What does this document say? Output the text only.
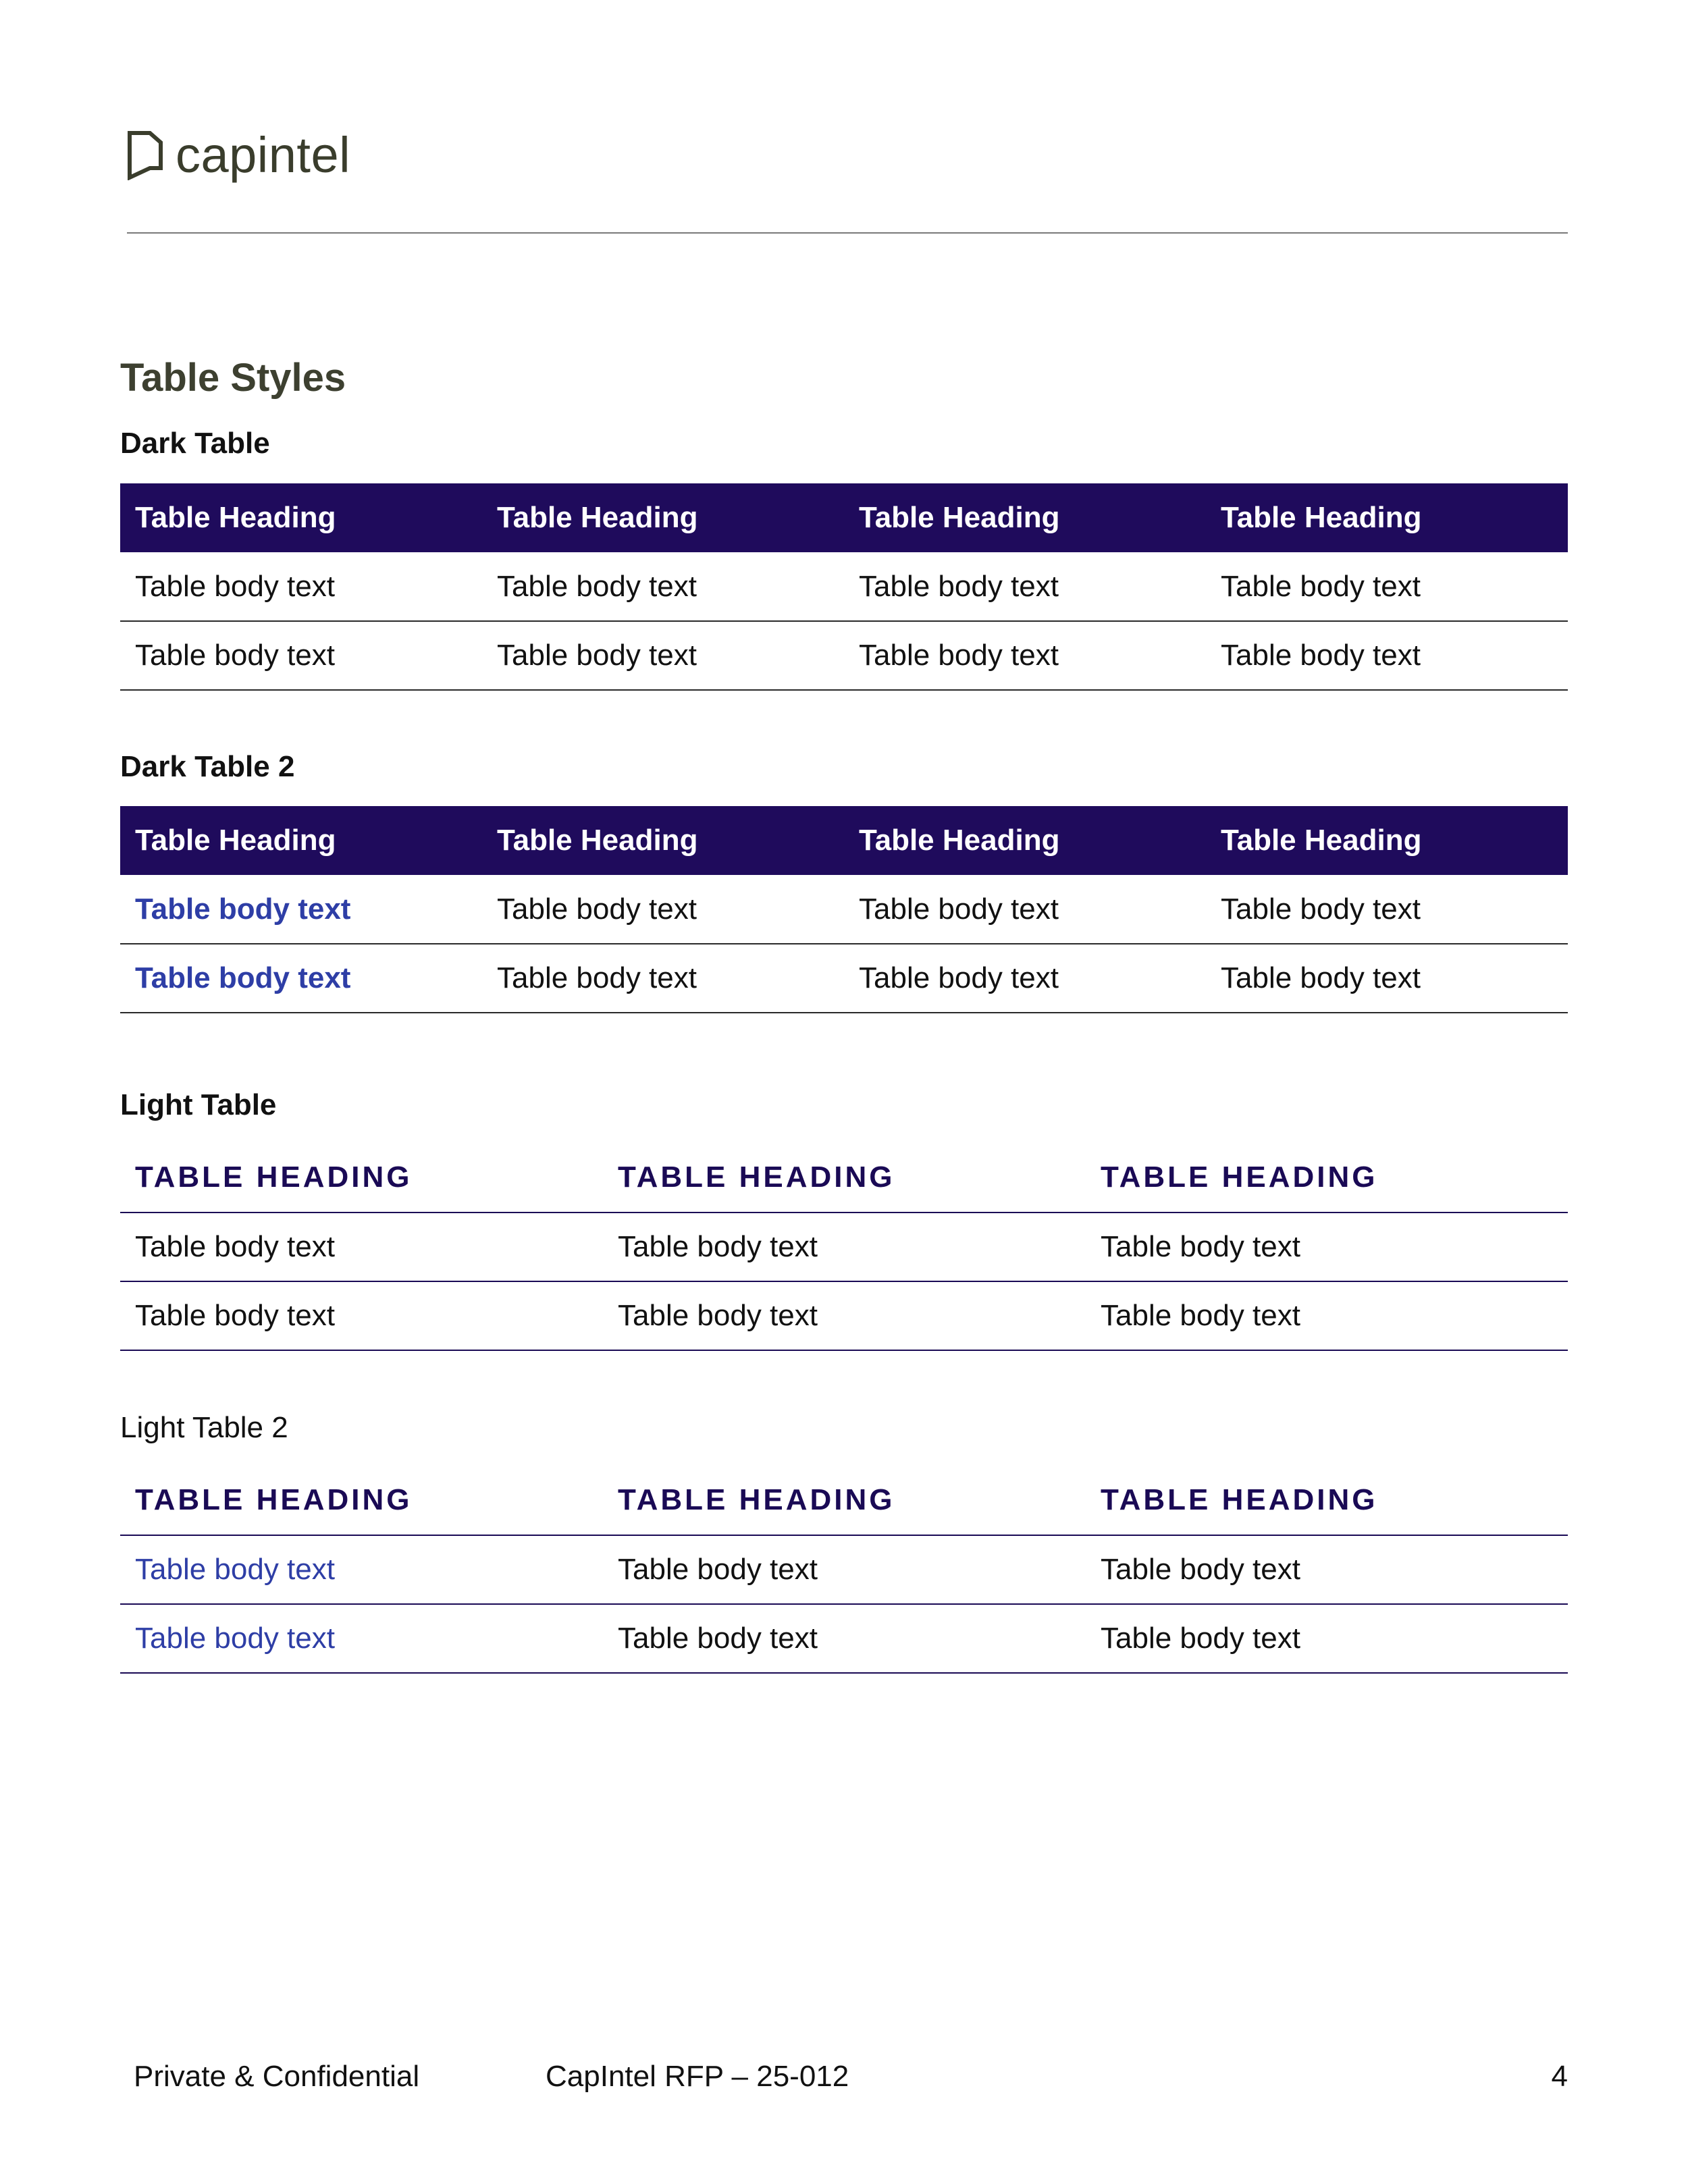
capintel
Table Styles
Dark Table
Table Heading	Table Heading	Table Heading	Table Heading
Table body text	Table body text	Table body text	Table body text
Table body text	Table body text	Table body text	Table body text
Dark Table 2
Table Heading	Table Heading	Table Heading	Table Heading
Table body text	Table body text	Table body text	Table body text
Table body text	Table body text	Table body text	Table body text
Light Table
TABLE HEADING	TABLE HEADING	TABLE HEADING
Table body text	Table body text	Table body text
Table body text	Table body text	Table body text
Light Table 2
TABLE HEADING	TABLE HEADING	TABLE HEADING
Table body text	Table body text	Table body text
Table body text	Table body text	Table body text
Private & Confidential	CapIntel RFP – 25-012	4
